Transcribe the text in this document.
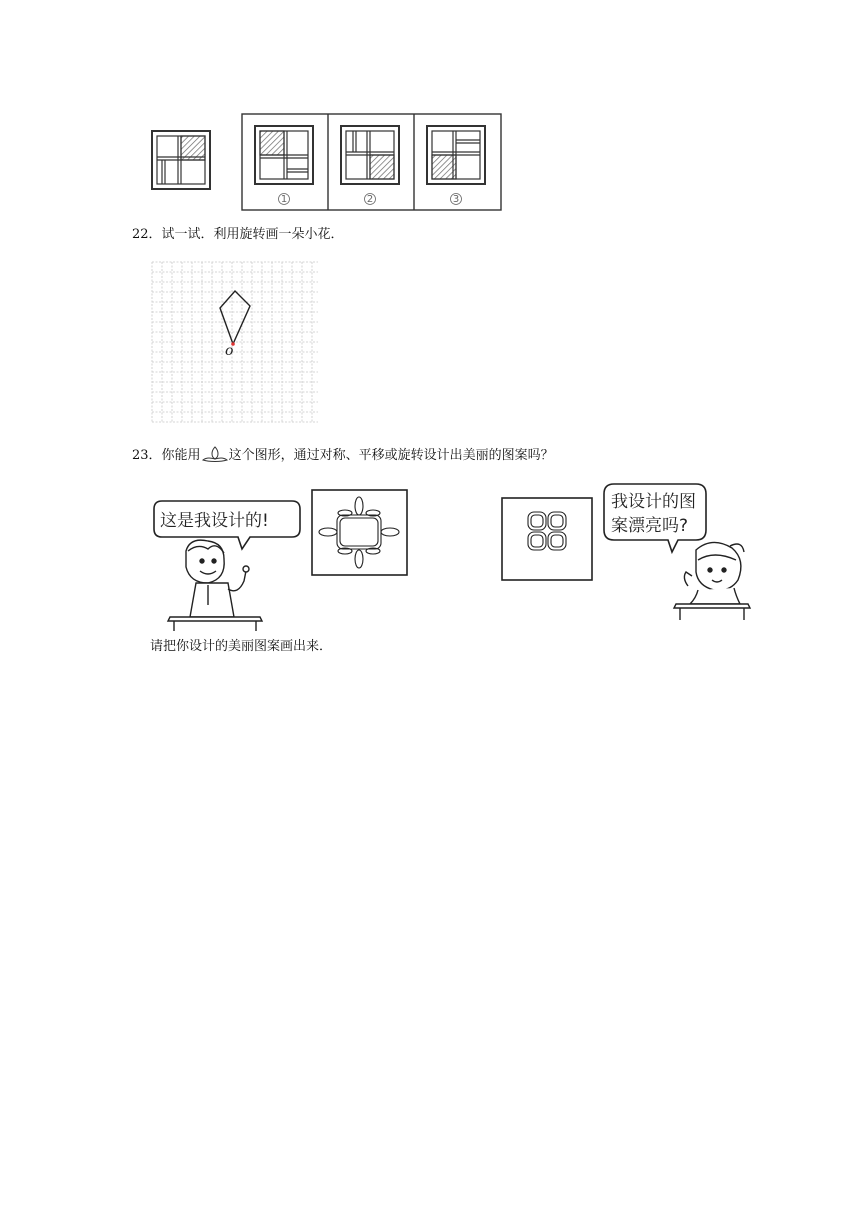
1	2	3
22．试一试．利用旋转画一朵小花．
o
23．你能用 这个图形，通过对称、平移或旋转设计出美丽的图案吗？
这是我设计的!
我设计的图
案漂亮吗?
请把你设计的美丽图案画出来．
